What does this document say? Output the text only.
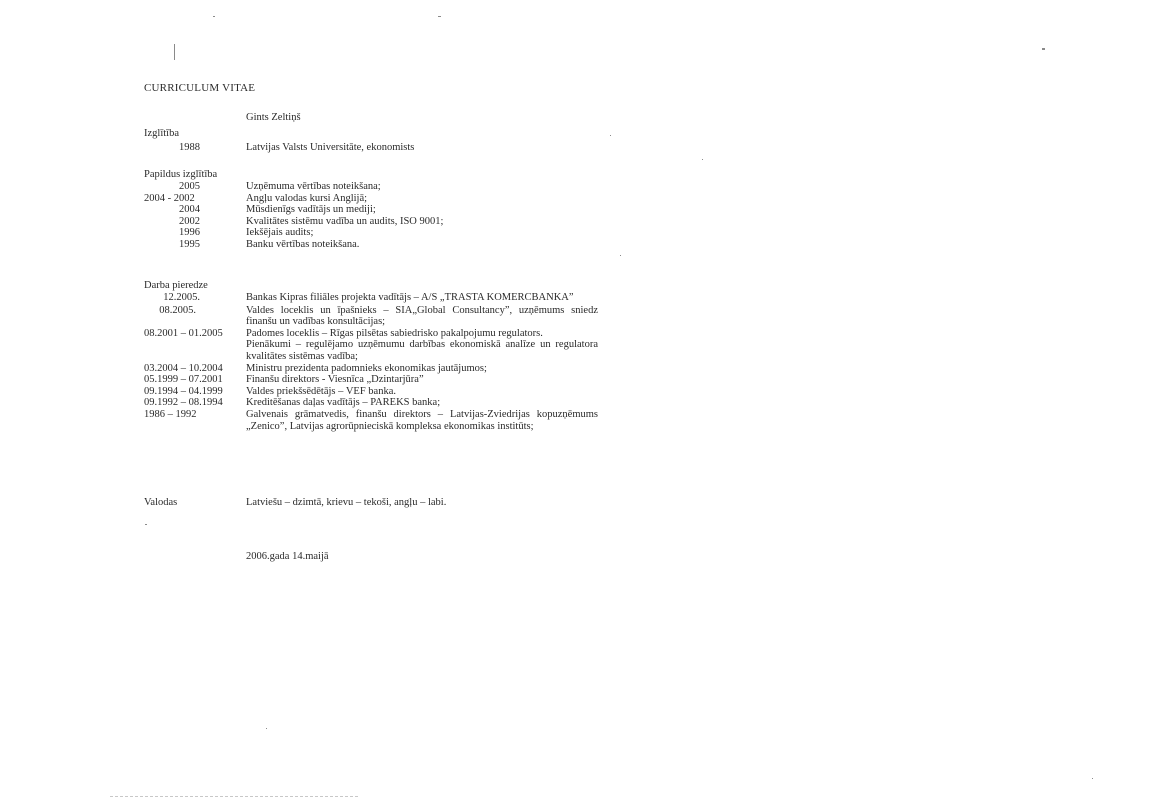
CURRICULUM VITAE
Gints Zeltiņš
Izglītība
1988	Latvijas Valsts Universitāte, ekonomists
Papildus izglītība
2005	Uzņēmuma vērtības noteikšana;
2004 - 2002	Angļu valodas kursi Anglijā;
2004	Mūsdienīgs vadītājs un mediji;
2002	Kvalitātes sistēmu vadība un audits, ISO 9001;
1996	Iekšējais audits;
1995	Banku vērtības noteikšana.
Darba pieredze
12.2005.	Bankas Kipras filiāles projekta vadītājs – A/S „TRASTA KOMERCBANKA”
08.2005.	Valdes loceklis un īpašnieks – SIA„Global Consultancy”, uzņēmums sniedz finanšu un vadības konsultācijas;
08.2001 – 01.2005 Padomes loceklis – Rīgas pilsētas sabiedrisko pakalpojumu regulators.
Pienākumi – regulējamo uzņēmumu darbības ekonomiskā analīze un regulatora kvalitātes sistēmas vadība;
03.2004 – 10.2004 Ministru prezidenta padomnieks ekonomikas jautājumos;
05.1999 – 07.2001 Finanšu direktors - Viesnīca „Dzintarjūra”
09.1994 – 04.1999 Valdes priekšsēdētājs – VEF banka.
09.1992 – 08.1994 Kreditēšanas daļas vadītājs – PAREKS banka;
1986 – 1992	Galvenais grāmatvedis, finanšu direktors – Latvijas-Zviedrijas kopuzņēmums „Zenico”, Latvijas agrorūpnieciskā kompleksa ekonomikas institūts;
Valodas	Latviešu – dzimtā, krievu – tekoši, angļu – labi.
2006.gada 14.maijā
